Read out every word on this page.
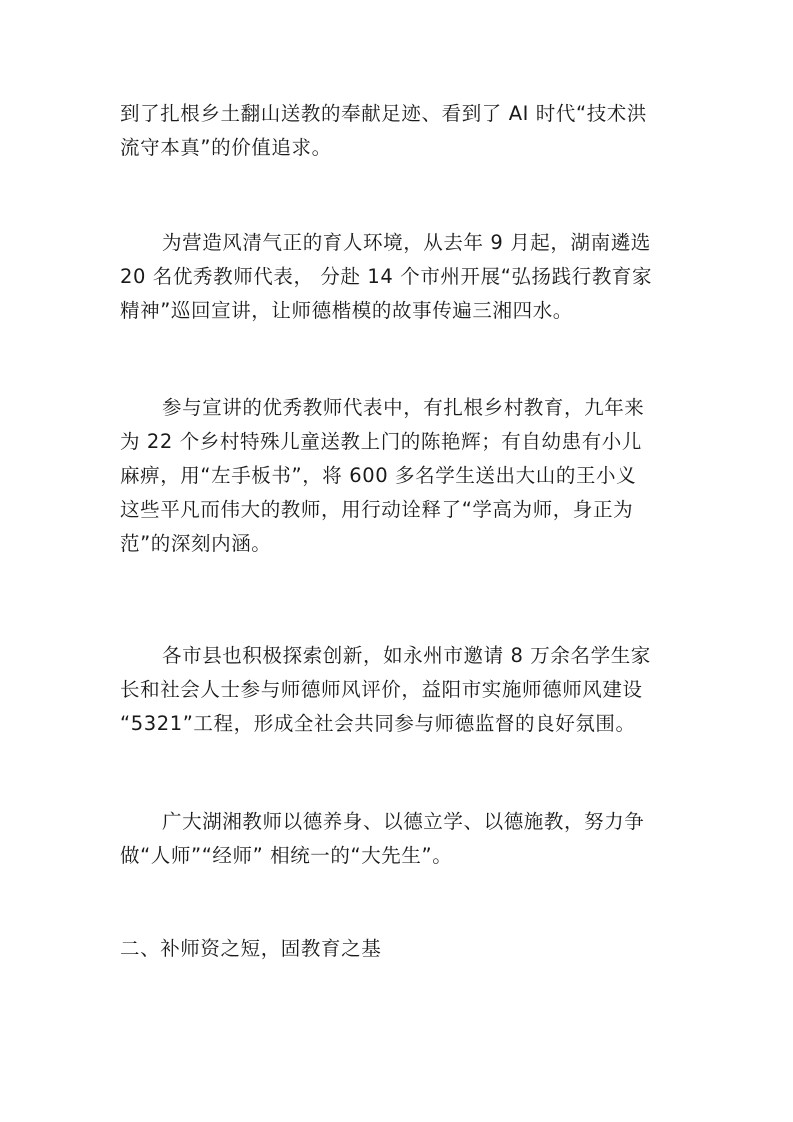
到了扎根乡土翻山送教的奉献足迹、看到了 AI 时代“技术洪
流守本真”的价值追求。
为营造风清气正的育人环境，从去年 9 月起，湖南遴选
20 名优秀教师代表， 分赴 14 个市州开展“弘扬践行教育家
精神”巡回宣讲，让师德楷模的故事传遍三湘四水。
参与宣讲的优秀教师代表中，有扎根乡村教育，九年来
为 22 个乡村特殊儿童送教上门的陈艳辉；有自幼患有小儿
麻痹，用“左手板书”，将 600 多名学生送出大山的王小义
这些平凡而伟大的教师，用行动诠释了“学高为师，身正为
范”的深刻内涵。
各市县也积极探索创新，如永州市邀请 8 万余名学生家
长和社会人士参与师德师风评价，益阳市实施师德师风建设
“5321”工程，形成全社会共同参与师德监督的良好氛围。
广大湖湘教师以德养身、以德立学、以德施教，努力争
做“人师”“经师” 相统一的“大先生”。
二、补师资之短，固教育之基
